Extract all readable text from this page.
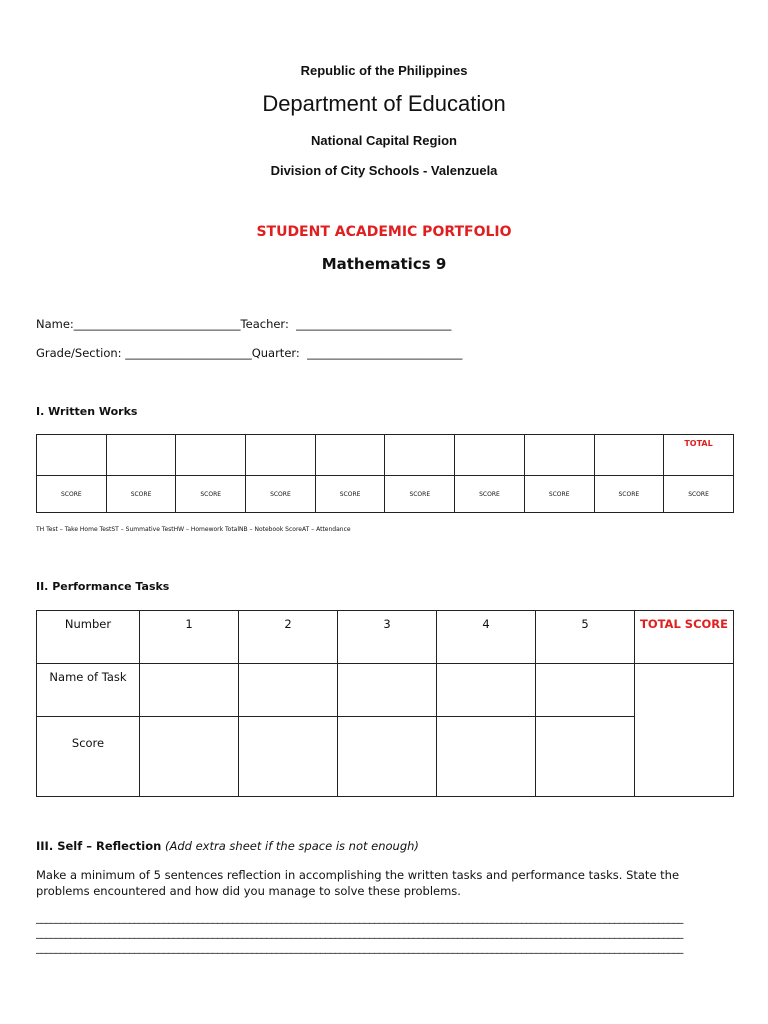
Republic of the Philippines
Department of Education
National Capital Region
Division of City Schools - Valenzuela
STUDENT ACADEMIC PORTFOLIO
Mathematics 9
Name:_____________________________Teacher:  ___________________________
Grade/Section: ______________________Quarter:  ___________________________
I. Written Works
									TOTAL
SCORE	SCORE	SCORE	SCORE	SCORE	SCORE	SCORE	SCORE	SCORE	SCORE
TH Test – Take Home TestST – Summative TestHW – Homework TotalNB – Notebook ScoreAT – Attendance
II. Performance Tasks
Number	1	2	3	4	5	TOTAL SCORE
Name of Task						
Score						
III. Self – Reflection (Add extra sheet if the space is not enough)
Make a minimum of 5 sentences reflection in accomplishing the written tasks and performance tasks. State the problems encountered and how did you manage to solve these problems.
____________________________________________________________________________________________________________________________________
____________________________________________________________________________________________________________________________________
____________________________________________________________________________________________________________________________________
